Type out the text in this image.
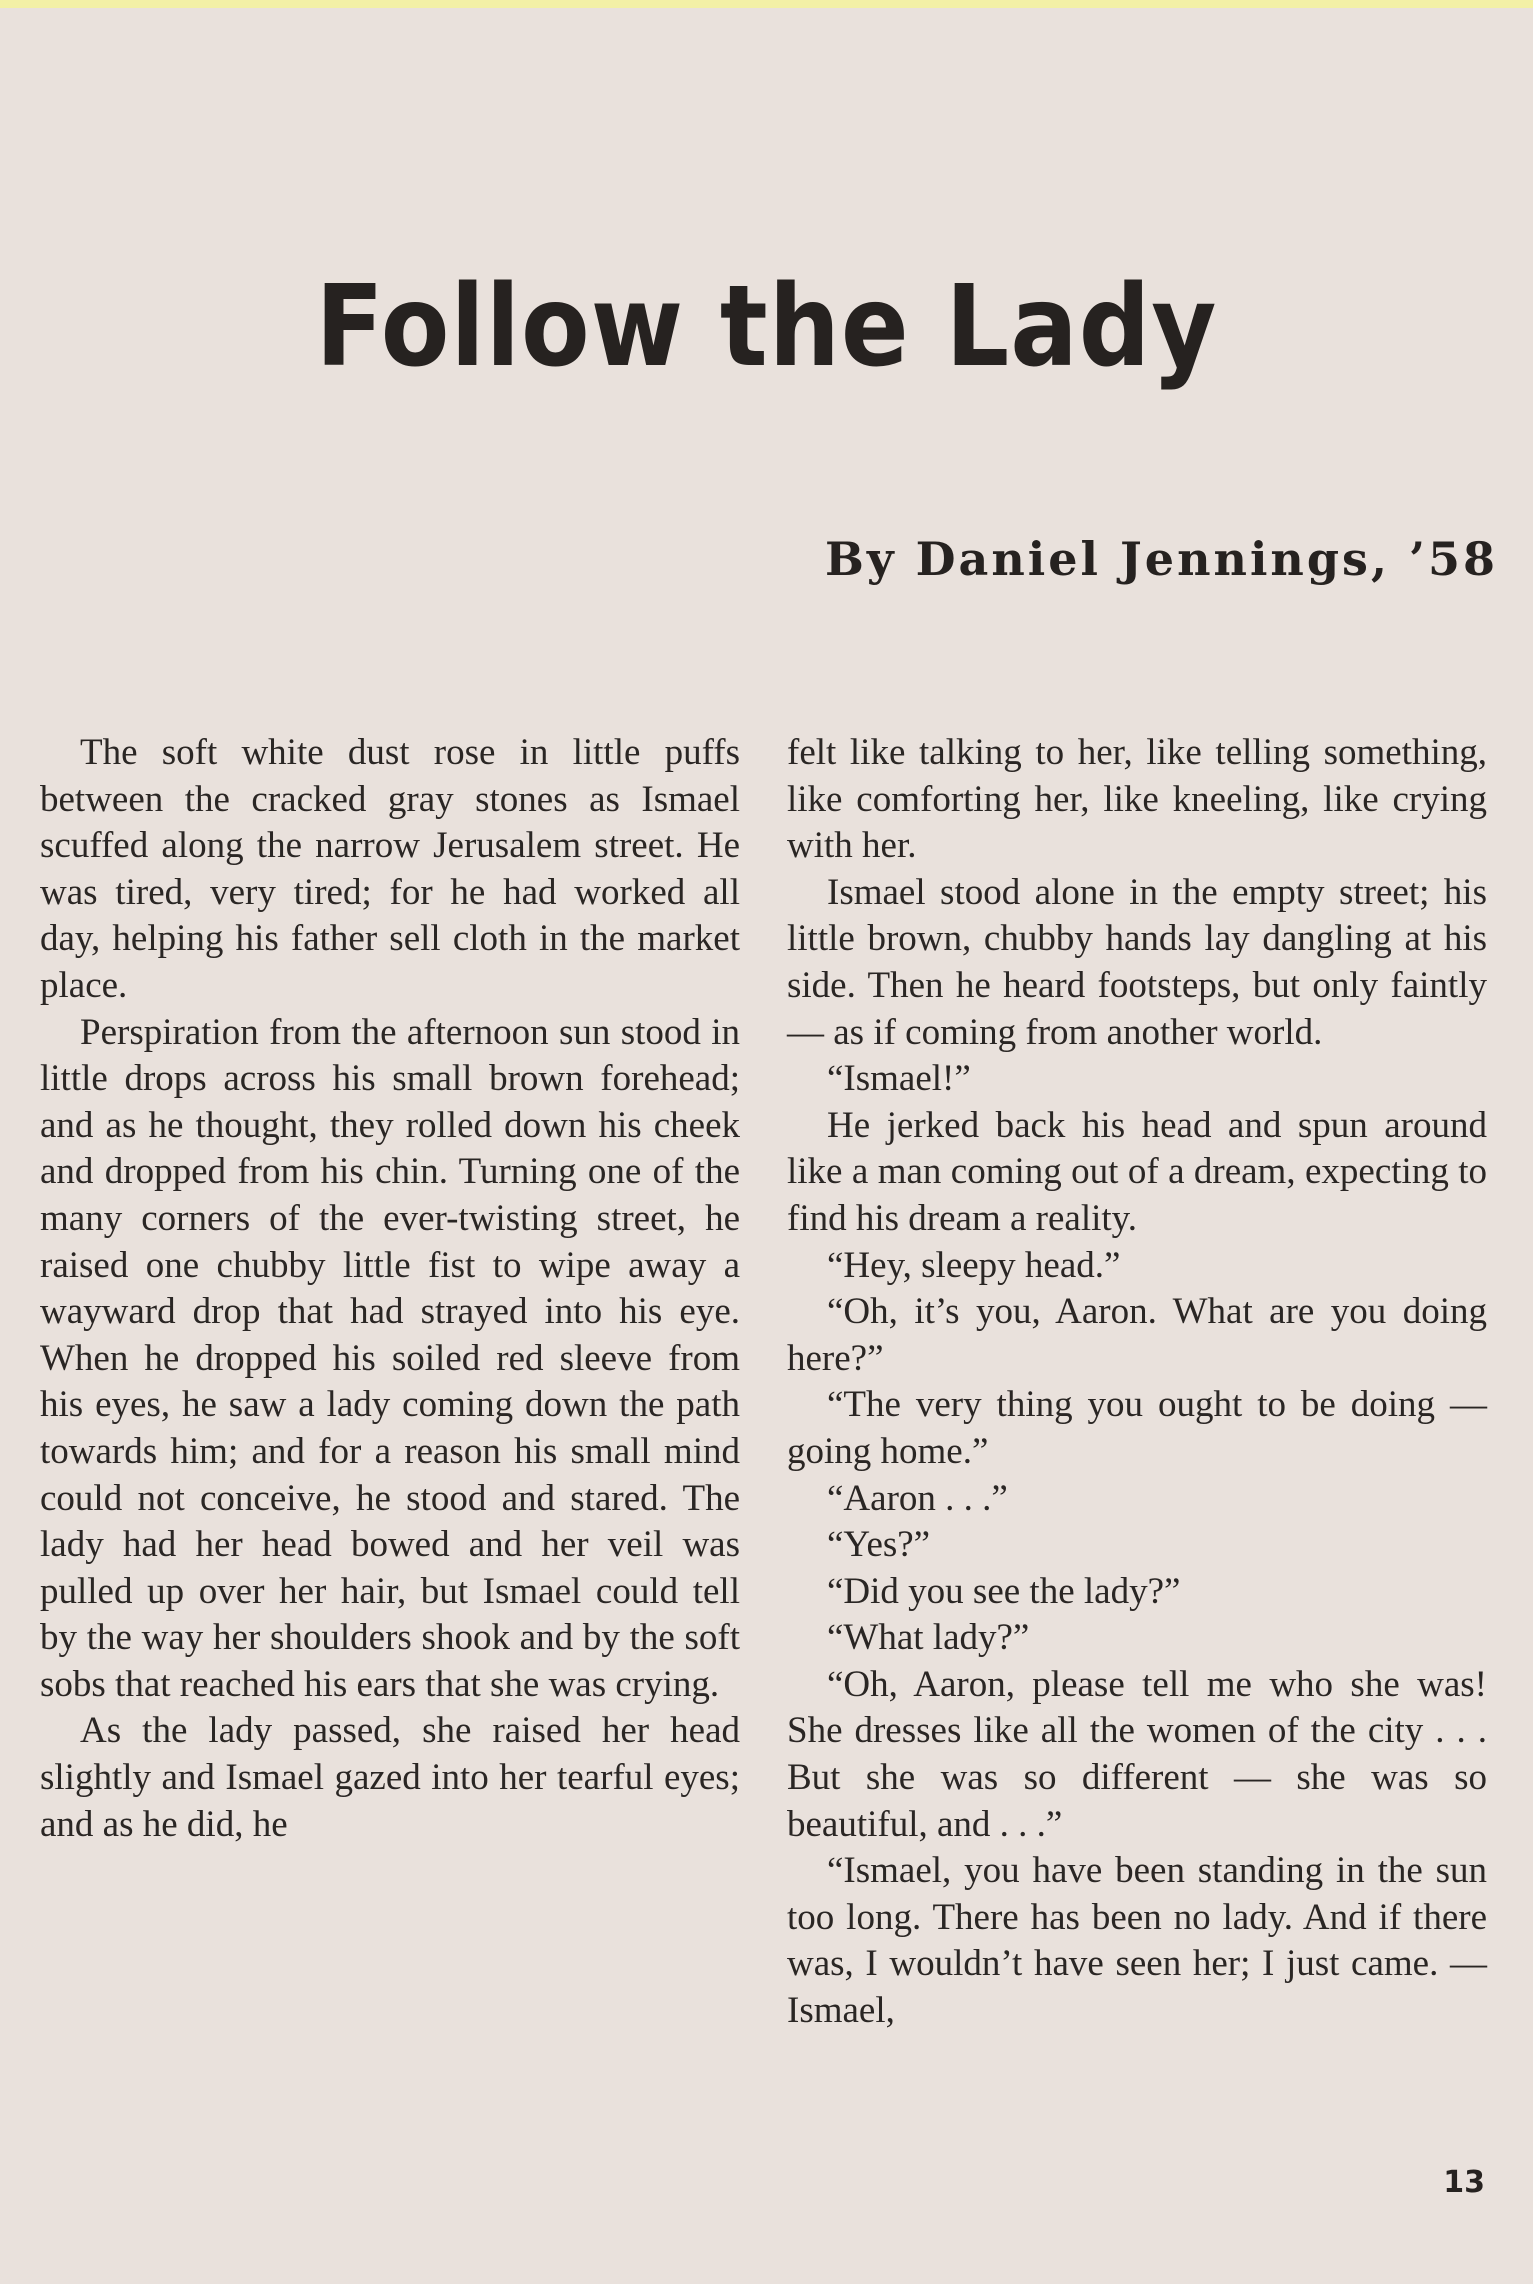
Follow the Lady
By Daniel Jennings, ’58

The soft white dust rose in little puffs between the cracked gray stones as Ismael scuffed along the narrow Jerusalem street. He was tired, very tired; for he had worked all day, helping his father sell cloth in the market place.

Perspiration from the afternoon sun stood in little drops across his small brown forehead; and as he thought, they rolled down his cheek and dropped from his chin. Turning one of the many corners of the ever-twisting street, he raised one chubby little fist to wipe away a wayward drop that had strayed into his eye. When he dropped his soiled red sleeve from his eyes, he saw a lady coming down the path towards him; and for a reason his small mind could not conceive, he stood and stared. The lady had her head bowed and her veil was pulled up over her hair, but Ismael could tell by the way her shoulders shook and by the soft sobs that reached his ears that she was crying.

As the lady passed, she raised her head slightly and Ismael gazed into her tearful eyes; and as he did, he

felt like talking to her, like telling something, like comforting her, like kneeling, like crying with her.

Ismael stood alone in the empty street; his little brown, chubby hands lay dangling at his side. Then he heard footsteps, but only faintly — as if coming from another world.

“Ismael!”

He jerked back his head and spun around like a man coming out of a dream, expecting to find his dream a reality.

“Hey, sleepy head.”

“Oh, it’s you, Aaron. What are you doing here?”

“The very thing you ought to be doing — going home.”

“Aaron . . .”

“Yes?”

“Did you see the lady?”

“What lady?”

“Oh, Aaron, please tell me who she was! She dresses like all the women of the city . . . But she was so different — she was so beautiful, and . . .”

“Ismael, you have been standing in the sun too long. There has been no lady. And if there was, I wouldn’t have seen her; I just came. — Ismael,

13
